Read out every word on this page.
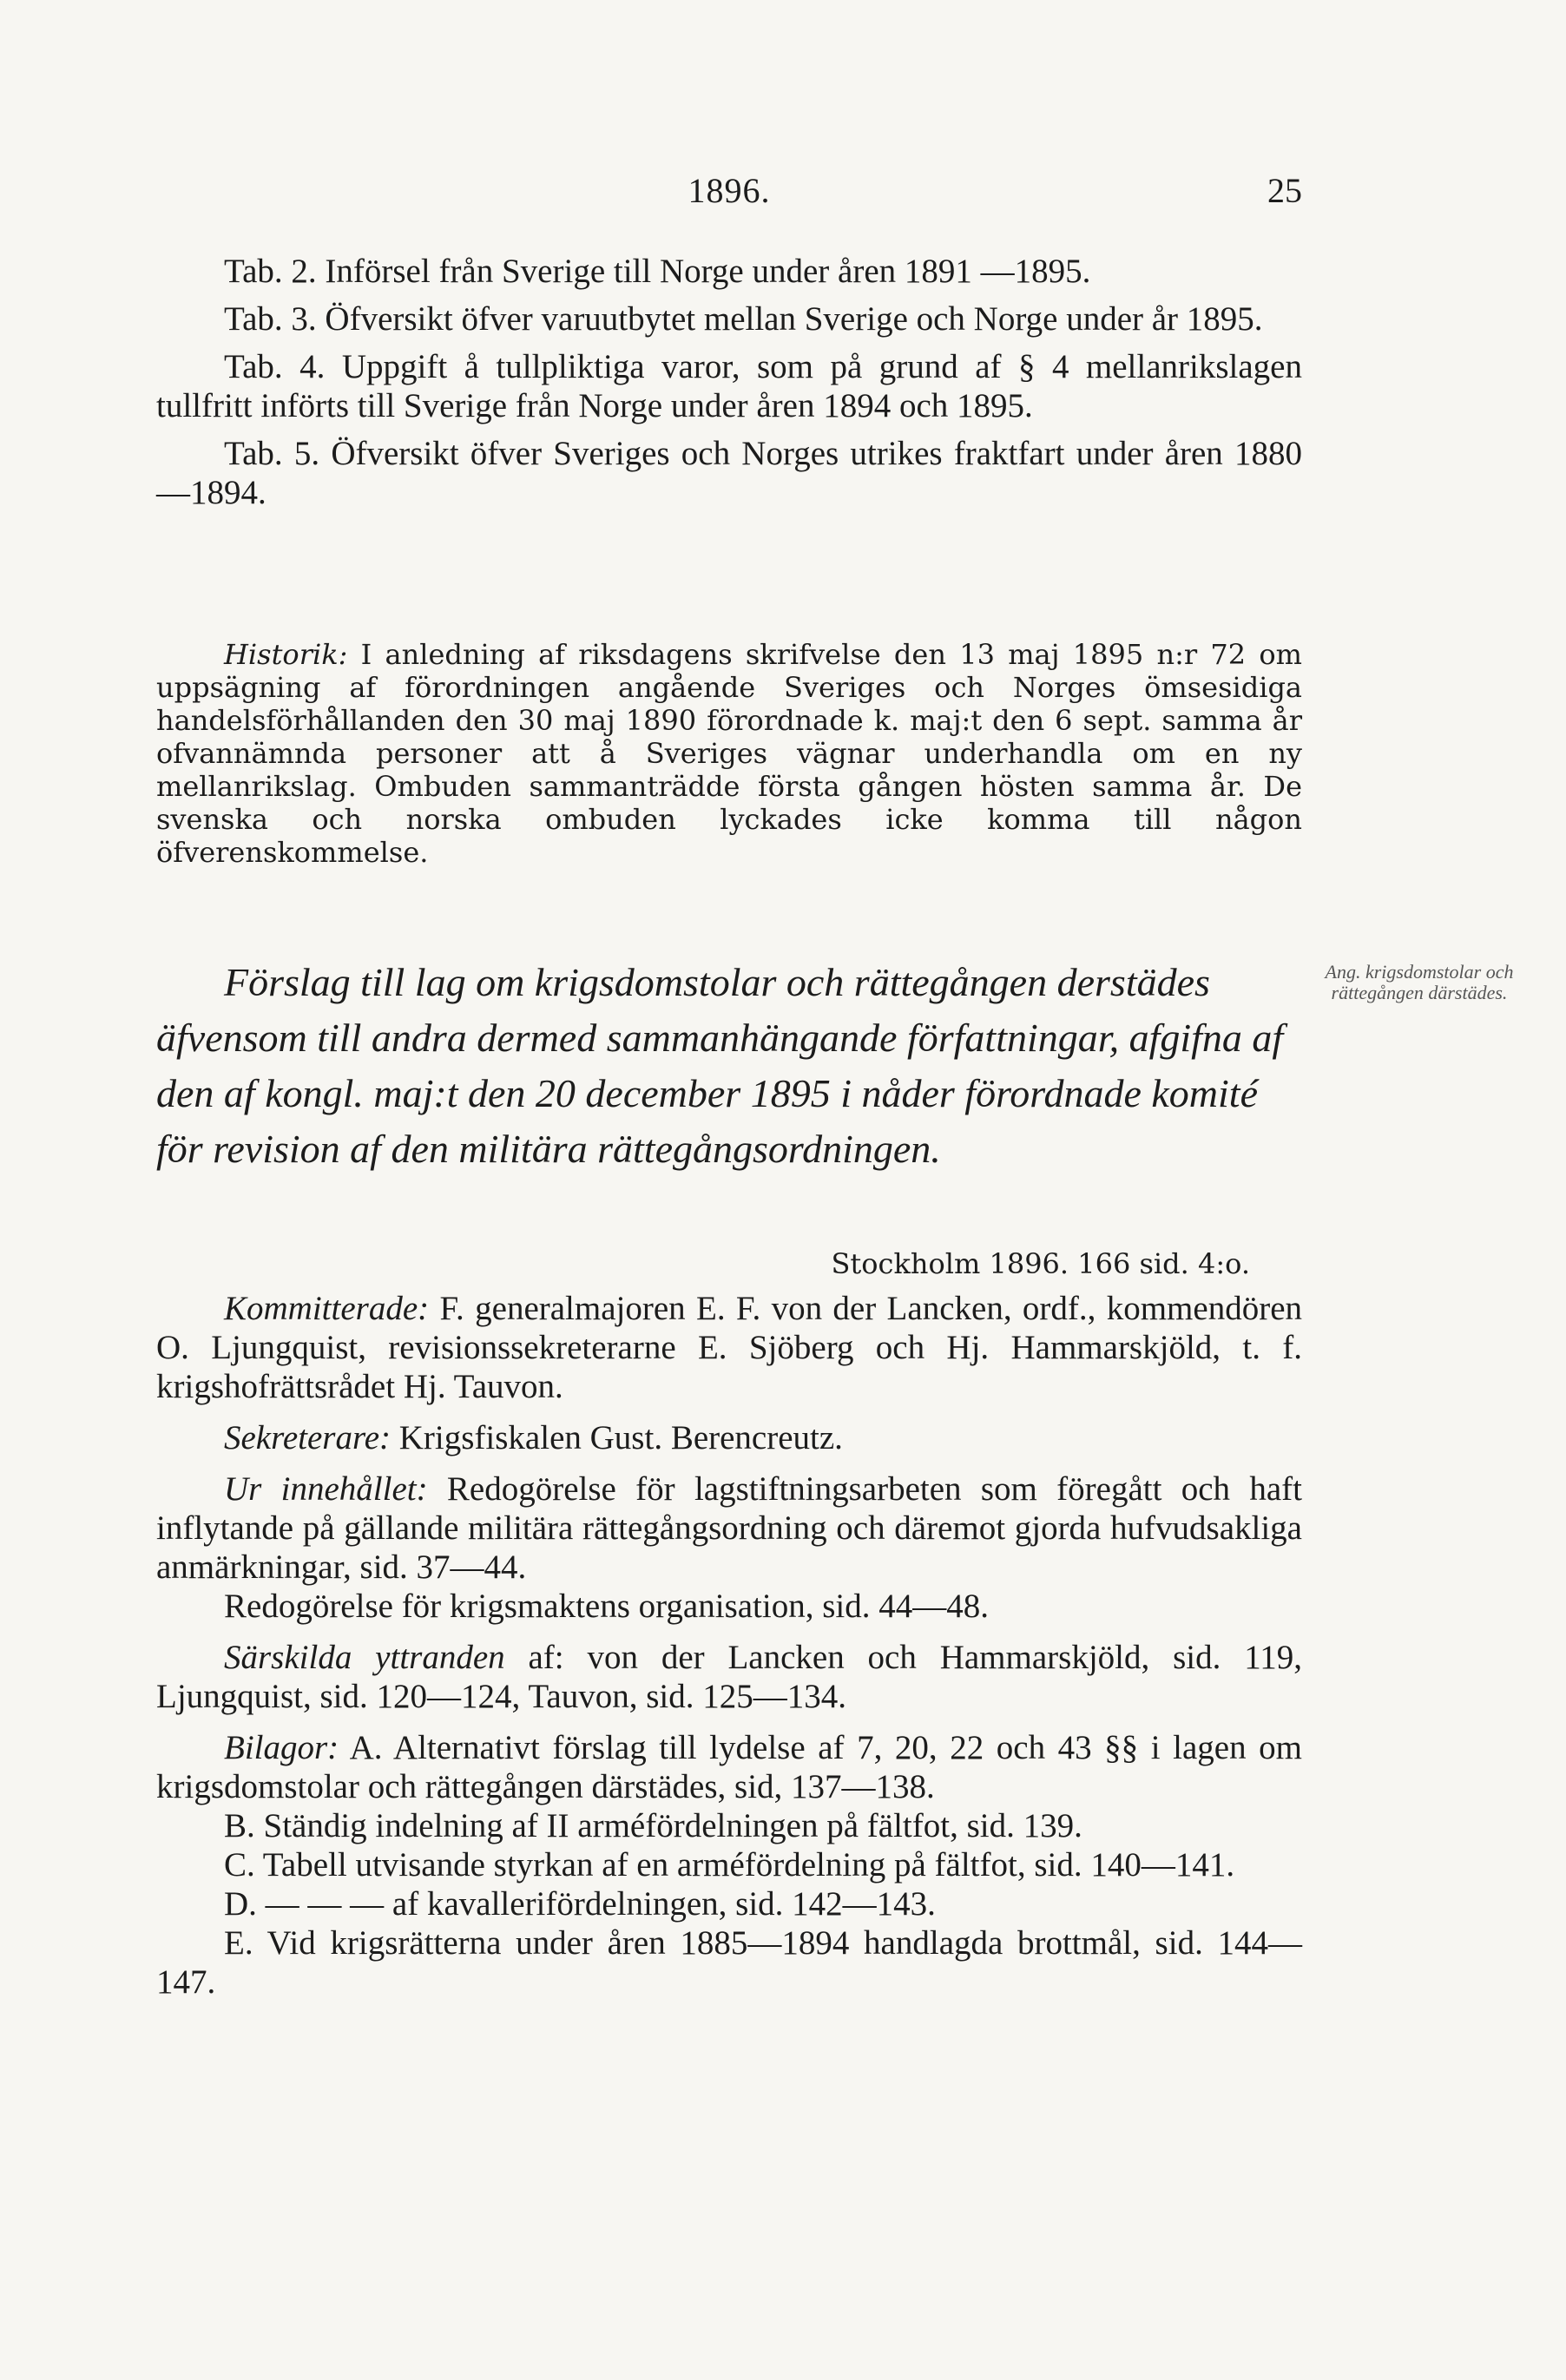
1896.	25

Tab. 2. Införsel från Sverige till Norge under åren 1891 —1895.

Tab. 3. Öfversikt öfver varuutbytet mellan Sverige och Norge under år 1895.

Tab. 4. Uppgift å tullpliktiga varor, som på grund af § 4 mellanrikslagen tullfritt införts till Sverige från Norge under åren 1894 och 1895.

Tab. 5. Öfversikt öfver Sveriges och Norges utrikes fraktfart under åren 1880—1894.

Historik: I anledning af riksdagens skrifvelse den 13 maj 1895 n:r 72 om uppsägning af förordningen angående Sveriges och Norges ömsesidiga handelsförhållanden den 30 maj 1890 förordnade k. maj:t den 6 sept. samma år ofvannämnda personer att å Sveriges vägnar underhandla om en ny mellanrikslag. Ombuden sammanträdde första gången hösten samma år. De svenska och norska ombuden lyckades icke komma till någon öfverenskommelse.

Förslag till lag om krigsdomstolar och rättegången derstädes äfvensom till andra dermed sammanhängande författningar, afgifna af den af kongl. maj:t den 20 december 1895 i nåder förordnade komité för revision af den militära rättegångsordningen.

Ang. krigsdomstolar och rättegången därstädes.

Stockholm 1896. 166 sid. 4:o.

Kommitterade: F. generalmajoren E. F. von der Lancken, ordf., kommendören O. Ljungquist, revisionssekreterarne E. Sjöberg och Hj. Hammarskjöld, t. f. krigshofrättsrådet Hj. Tauvon.

Sekreterare: Krigsfiskalen Gust. Berencreutz.

Ur innehållet: Redogörelse för lagstiftningsarbeten som föregått och haft inflytande på gällande militära rättegångsordning och däremot gjorda hufvudsakliga anmärkningar, sid. 37—44.

Redogörelse för krigsmaktens organisation, sid. 44—48.

Särskilda yttranden af: von der Lancken och Hammarskjöld, sid. 119, Ljungquist, sid. 120—124, Tauvon, sid. 125—134.

Bilagor: A. Alternativt förslag till lydelse af 7, 20, 22 och 43 §§ i lagen om krigsdomstolar och rättegången därstädes, sid, 137—138.

B. Ständig indelning af II arméfördelningen på fältfot, sid. 139.

C. Tabell utvisande styrkan af en arméfördelning på fältfot, sid. 140—141.

D. — — — af kavallerifördelningen, sid. 142—143.

E. Vid krigsrätterna under åren 1885—1894 handlagda brottmål, sid. 144—147.
